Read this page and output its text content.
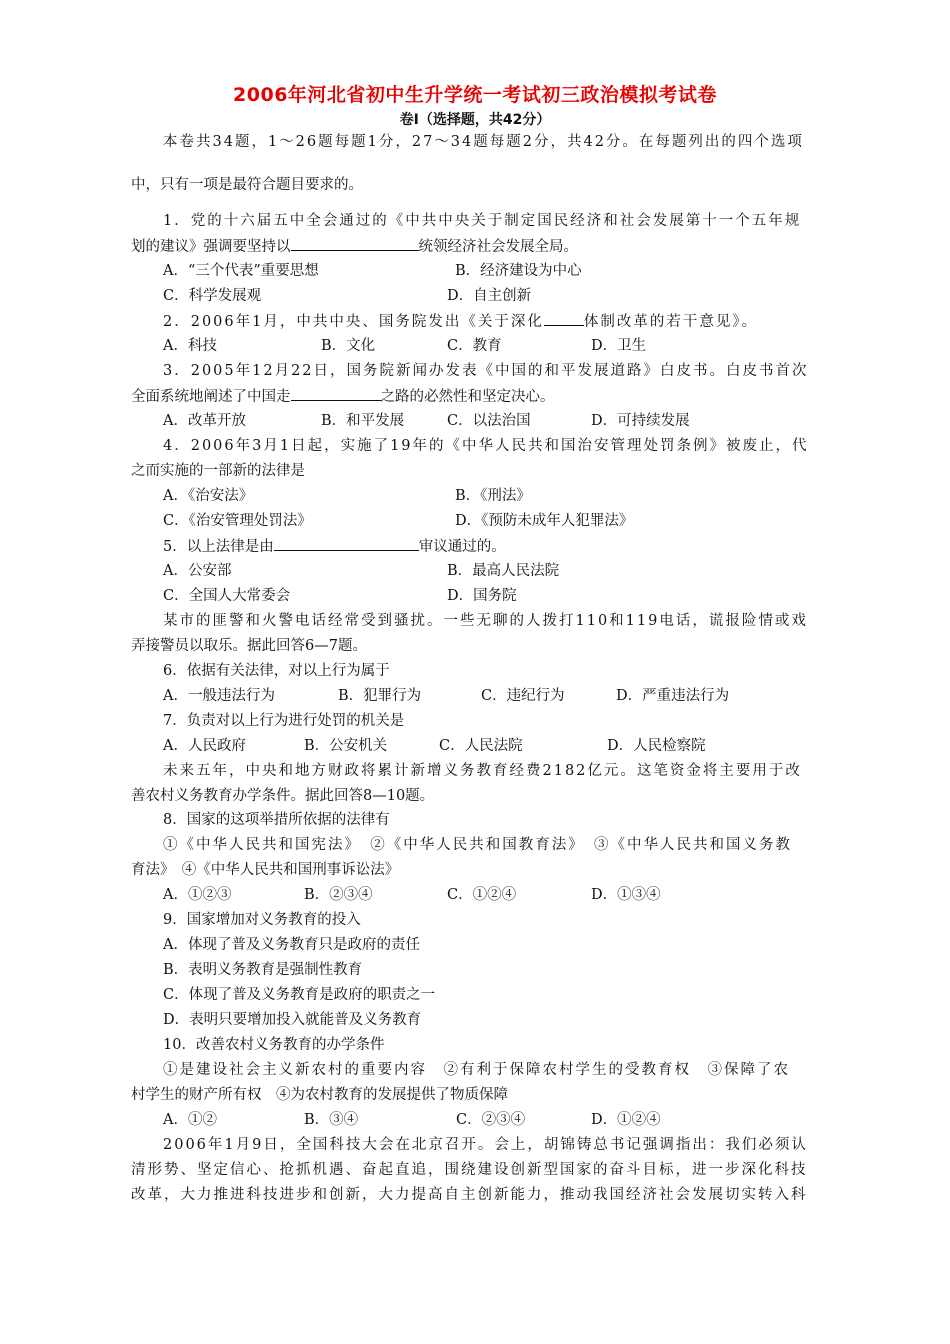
2006年河北省初中生升学统一考试初三政治模拟考试卷
卷Ⅰ（选择题，共42分）
本卷共34题，1～26题每题1分，27～34题每题2分，共42分。在每题列出的四个选项
中，只有一项是最符合题目要求的。
1．党的十六届五中全会通过的《中共中央关于制定国民经济和社会发展第十一个五年规
划的建议》强调要坚持以	统领经济社会发展全局。
A．“三个代表”重要思想	B．经济建设为中心
C．科学发展观	D．自主创新
2．2006年1月，中共中央、国务院发出《关于深化	体制改革的若干意见》。
A．科技	B．文化	C．教育	D．卫生
3．2005年12月22日，国务院新闻办发表《中国的和平发展道路》白皮书。白皮书首次
全面系统地阐述了中国走	之路的必然性和坚定决心。
A．改革开放	B．和平发展	C．以法治国	D．可持续发展
4．2006年3月1日起，实施了19年的《中华人民共和国治安管理处罚条例》被废止，代
之而实施的一部新的法律是
A．《治安法》	B．《刑法》
C．《治安管理处罚法》	D．《预防未成年人犯罪法》
5．以上法律是由	审议通过的。
A．公安部	B．最高人民法院
C．全国人大常委会	D．国务院
某市的匪警和火警电话经常受到骚扰。一些无聊的人拨打110和119电话，谎报险情或戏
弄接警员以取乐。据此回答6—7题。
6．依据有关法律，对以上行为属于
A．一般违法行为	B．犯罪行为	C．违纪行为	D．严重违法行为
7．负责对以上行为进行处罚的机关是
A．人民政府	B．公安机关	C．人民法院	D．人民检察院
未来五年，中央和地方财政将累计新增义务教育经费2182亿元。这笔资金将主要用于改
善农村义务教育办学条件。据此回答8—10题。
8．国家的这项举措所依据的法律有
①《中华人民共和国宪法》　②《中华人民共和国教育法》　③《中华人民共和国义务教
育法》　④《中华人民共和国刑事诉讼法》
A．①②③	B．②③④	C．①②④	D．①③④
9．国家增加对义务教育的投入
A．体现了普及义务教育只是政府的责任
B．表明义务教育是强制性教育
C．体现了普及义务教育是政府的职责之一
D．表明只要增加投入就能普及义务教育
10．改善农村义务教育的办学条件
①是建设社会主义新农村的重要内容　②有利于保障农村学生的受教育权　③保障了农
村学生的财产所有权　④为农村教育的发展提供了物质保障
A．①②	B．③④	C．②③④	D．①②④
2006年1月9日，全国科技大会在北京召开。会上，胡锦铸总书记强调指出：我们必须认
清形势、坚定信心、抢抓机遇、奋起直追，围绕建设创新型国家的奋斗目标，进一步深化科技
改革，大力推进科技进步和创新，大力提高自主创新能力，推动我国经济社会发展切实转入科
